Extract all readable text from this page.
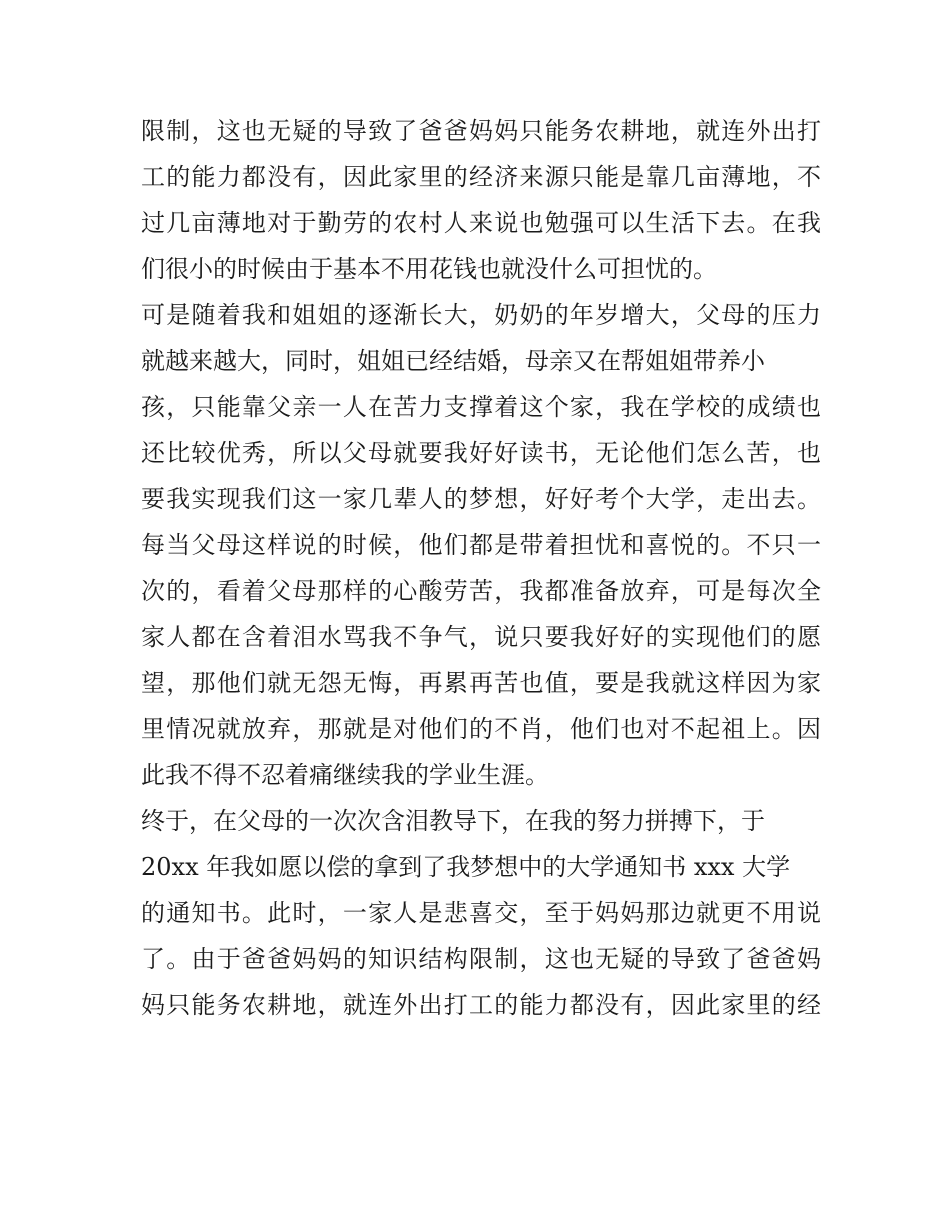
限制，这也无疑的导致了爸爸妈妈只能务农耕地，就连外出打
工的能力都没有，因此家里的经济来源只能是靠几亩薄地，不
过几亩薄地对于勤劳的农村人来说也勉强可以生活下去。在我
们很小的时候由于基本不用花钱也就没什么可担忧的。
可是随着我和姐姐的逐渐长大，奶奶的年岁增大，父母的压力
就越来越大，同时，姐姐已经结婚，母亲又在帮姐姐带养小
孩，只能靠父亲一人在苦力支撑着这个家，我在学校的成绩也
还比较优秀，所以父母就要我好好读书，无论他们怎么苦，也
要我实现我们这一家几辈人的梦想，好好考个大学，走出去。
每当父母这样说的时候，他们都是带着担忧和喜悦的。不只一
次的，看着父母那样的心酸劳苦，我都准备放弃，可是每次全
家人都在含着泪水骂我不争气，说只要我好好的实现他们的愿
望，那他们就无怨无悔，再累再苦也值，要是我就这样因为家
里情况就放弃，那就是对他们的不肖，他们也对不起祖上。因
此我不得不忍着痛继续我的学业生涯。
终于，在父母的一次次含泪教导下，在我的努力拼搏下，于
20xx 年我如愿以偿的拿到了我梦想中的大学通知书 xxx 大学
的通知书。此时，一家人是悲喜交，至于妈妈那边就更不用说
了。由于爸爸妈妈的知识结构限制，这也无疑的导致了爸爸妈
妈只能务农耕地，就连外出打工的能力都没有，因此家里的经
